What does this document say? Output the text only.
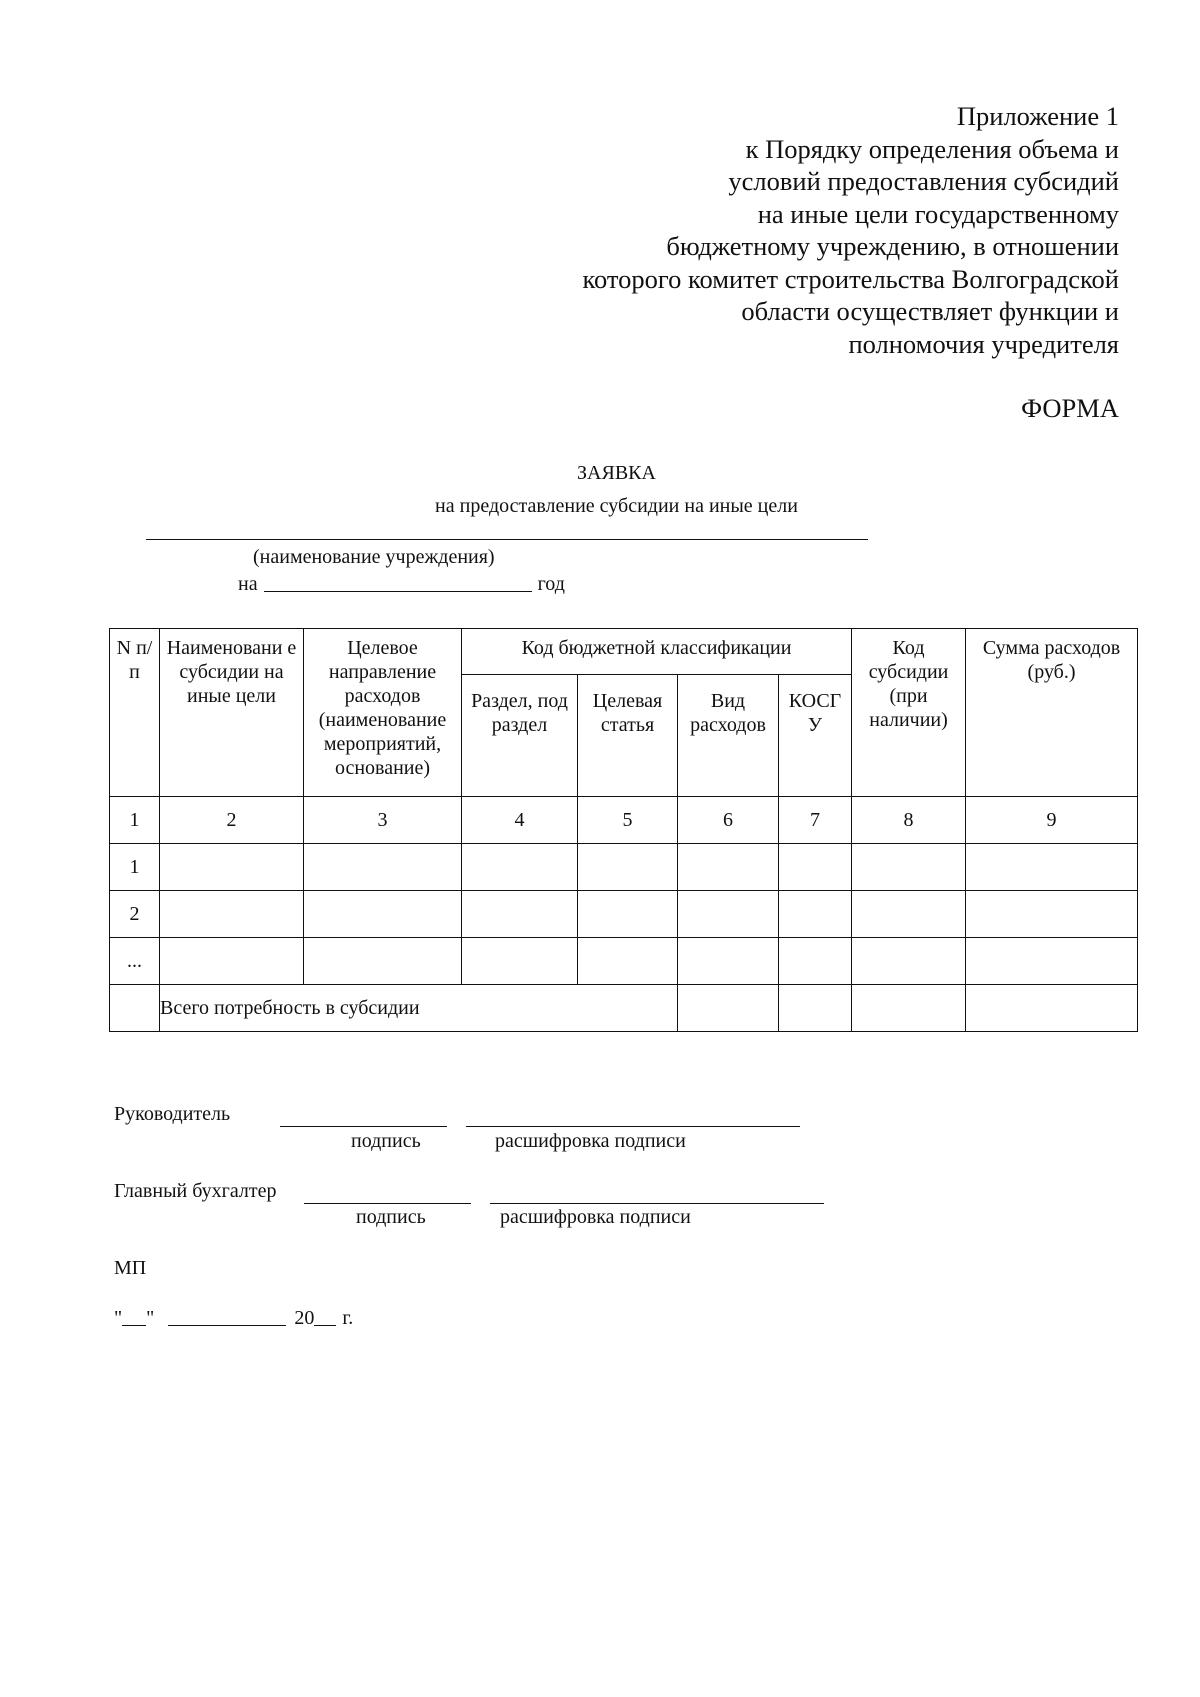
Приложение 1
к Порядку определения объема и
условий предоставления субсидий
на иные цели государственному
бюджетному учреждению, в отношении
которого комитет строительства Волгоградской
области осуществляет функции и
полномочия учредителя
ФОРМА
ЗАЯВКА
на предоставление субсидии на иные цели
(наименование учреждения)
на	год
N п/п	Наименовани е субсидии на иные цели	Целевое направление расходов (наименование мероприятий, основание)	Код бюджетной классификации				Код субсидии (при наличии)	Сумма расходов (руб.)
			Раздел, под раздел	Целевая статья	Вид расходов	КОСГ У		
1	2	3	4	5	6	7	8	9
1								
2								
...								
	Всего потребность в субсидии							
Руководитель
подпись	расшифровка подписи
Главный бухгалтер
подпись	расшифровка подписи
МП
" "	20 г.
